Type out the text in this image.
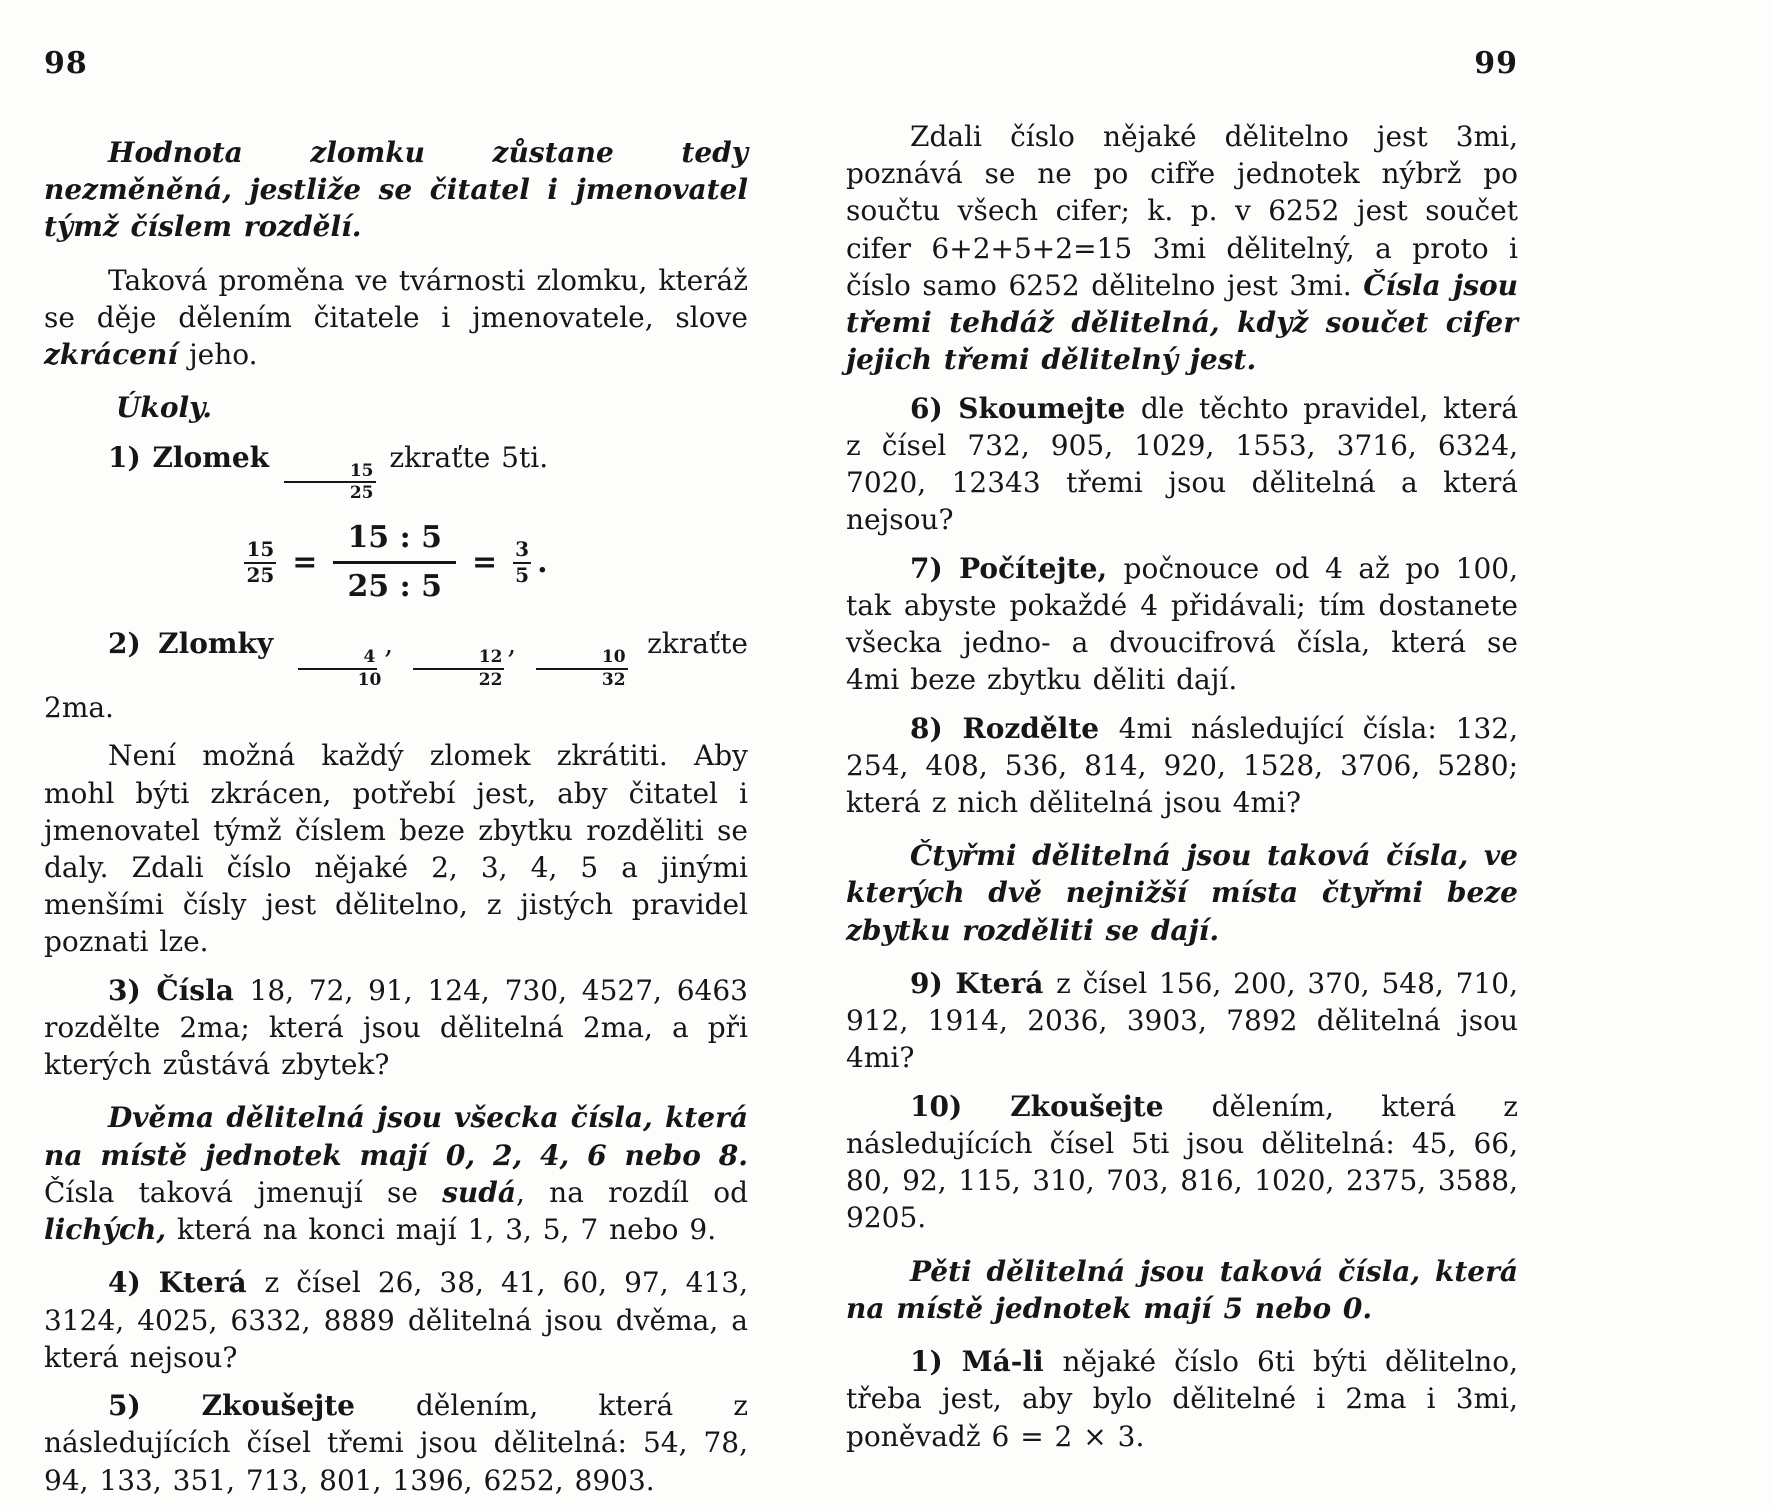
98

Hodnota zlomku zůstane tedy nezměněná, jestliže se čitatel i jmenovatel týmž číslem rozdělí.

Taková proměna ve tvárnosti zlomku, kteráž se děje dělením čitatele i jmenovatele, slove zkrácení jeho.

Úkoly.

1) Zlomek
$\frac{15}{25}$
zkraťte 5ti.

$\frac{15}{25} = \frac{15 : 5}{25 : 5} = \frac{3}{5}$ .

2) Zlomky
$\frac{4}{10}$
,
$\frac{12}{22}$
,
$\frac{10}{32}$
zkraťte 2ma.

Není možná každý zlomek zkrátiti. Aby mohl býti zkrácen, potřebí jest, aby čitatel i jmenovatel týmž číslem beze zbytku rozděliti se daly. Zdali číslo nějaké 2, 3, 4, 5 a jinými menšími čísly jest dělitelno, z jistých pravidel poznati lze.

3) Čísla 18, 72, 91, 124, 730, 4527, 6463 rozdělte 2ma; která jsou dělitelná 2ma, a při kterých zůstává zbytek?

Dvěma dělitelná jsou všecka čísla, která na místě jednotek mají 0, 2, 4, 6 nebo 8. Čísla taková jmenují se sudá, na rozdíl od lichých, která na konci mají 1, 3, 5, 7 nebo 9.

4) Která z čísel 26, 38, 41, 60, 97, 413, 3124, 4025, 6332, 8889 dělitelná jsou dvěma, a která nejsou?

5) Zkoušejte dělením, která z následujících čísel třemi jsou dělitelná: 54, 78, 94, 133, 351, 713, 801, 1396, 6252, 8903.

99

Zdali číslo nějaké dělitelno jest 3mi, poznává se ne po cifře jednotek nýbrž po součtu všech cifer; k. p. v 6252 jest součet cifer 6+2+5+2=15 3mi dělitelný, a proto i číslo samo 6252 dělitelno jest 3mi. Čísla jsou třemi tehdáž dělitelná, když součet cifer jejich třemi dělitelný jest.

6) Skoumejte dle těchto pravidel, která z čísel 732, 905, 1029, 1553, 3716, 6324, 7020, 12343 třemi jsou dělitelná a která nejsou?

7) Počítejte, počnouce od 4 až po 100, tak abyste pokaždé 4 přidávali; tím dostanete všecka jedno- a dvoucifrová čísla, která se 4mi beze zbytku děliti dají.

8) Rozdělte 4mi následující čísla: 132, 254, 408, 536, 814, 920, 1528, 3706, 5280; která z nich dělitelná jsou 4mi?

Čtyřmi dělitelná jsou taková čísla, ve kterých dvě nejnižší místa čtyřmi beze zbytku rozděliti se dají.

9) Která z čísel 156, 200, 370, 548, 710, 912, 1914, 2036, 3903, 7892 dělitelná jsou 4mi?

10) Zkoušejte dělením, která z následujících čísel 5ti jsou dělitelná: 45, 66, 80, 92, 115, 310, 703, 816, 1020, 2375, 3588, 9205.

Pěti dělitelná jsou taková čísla, která na místě jednotek mají 5 nebo 0.

1) Má-li nějaké číslo 6ti býti dělitelno, třeba jest, aby bylo dělitelné i 2ma i 3mi, poněvadž 6 = 2 × 3.
